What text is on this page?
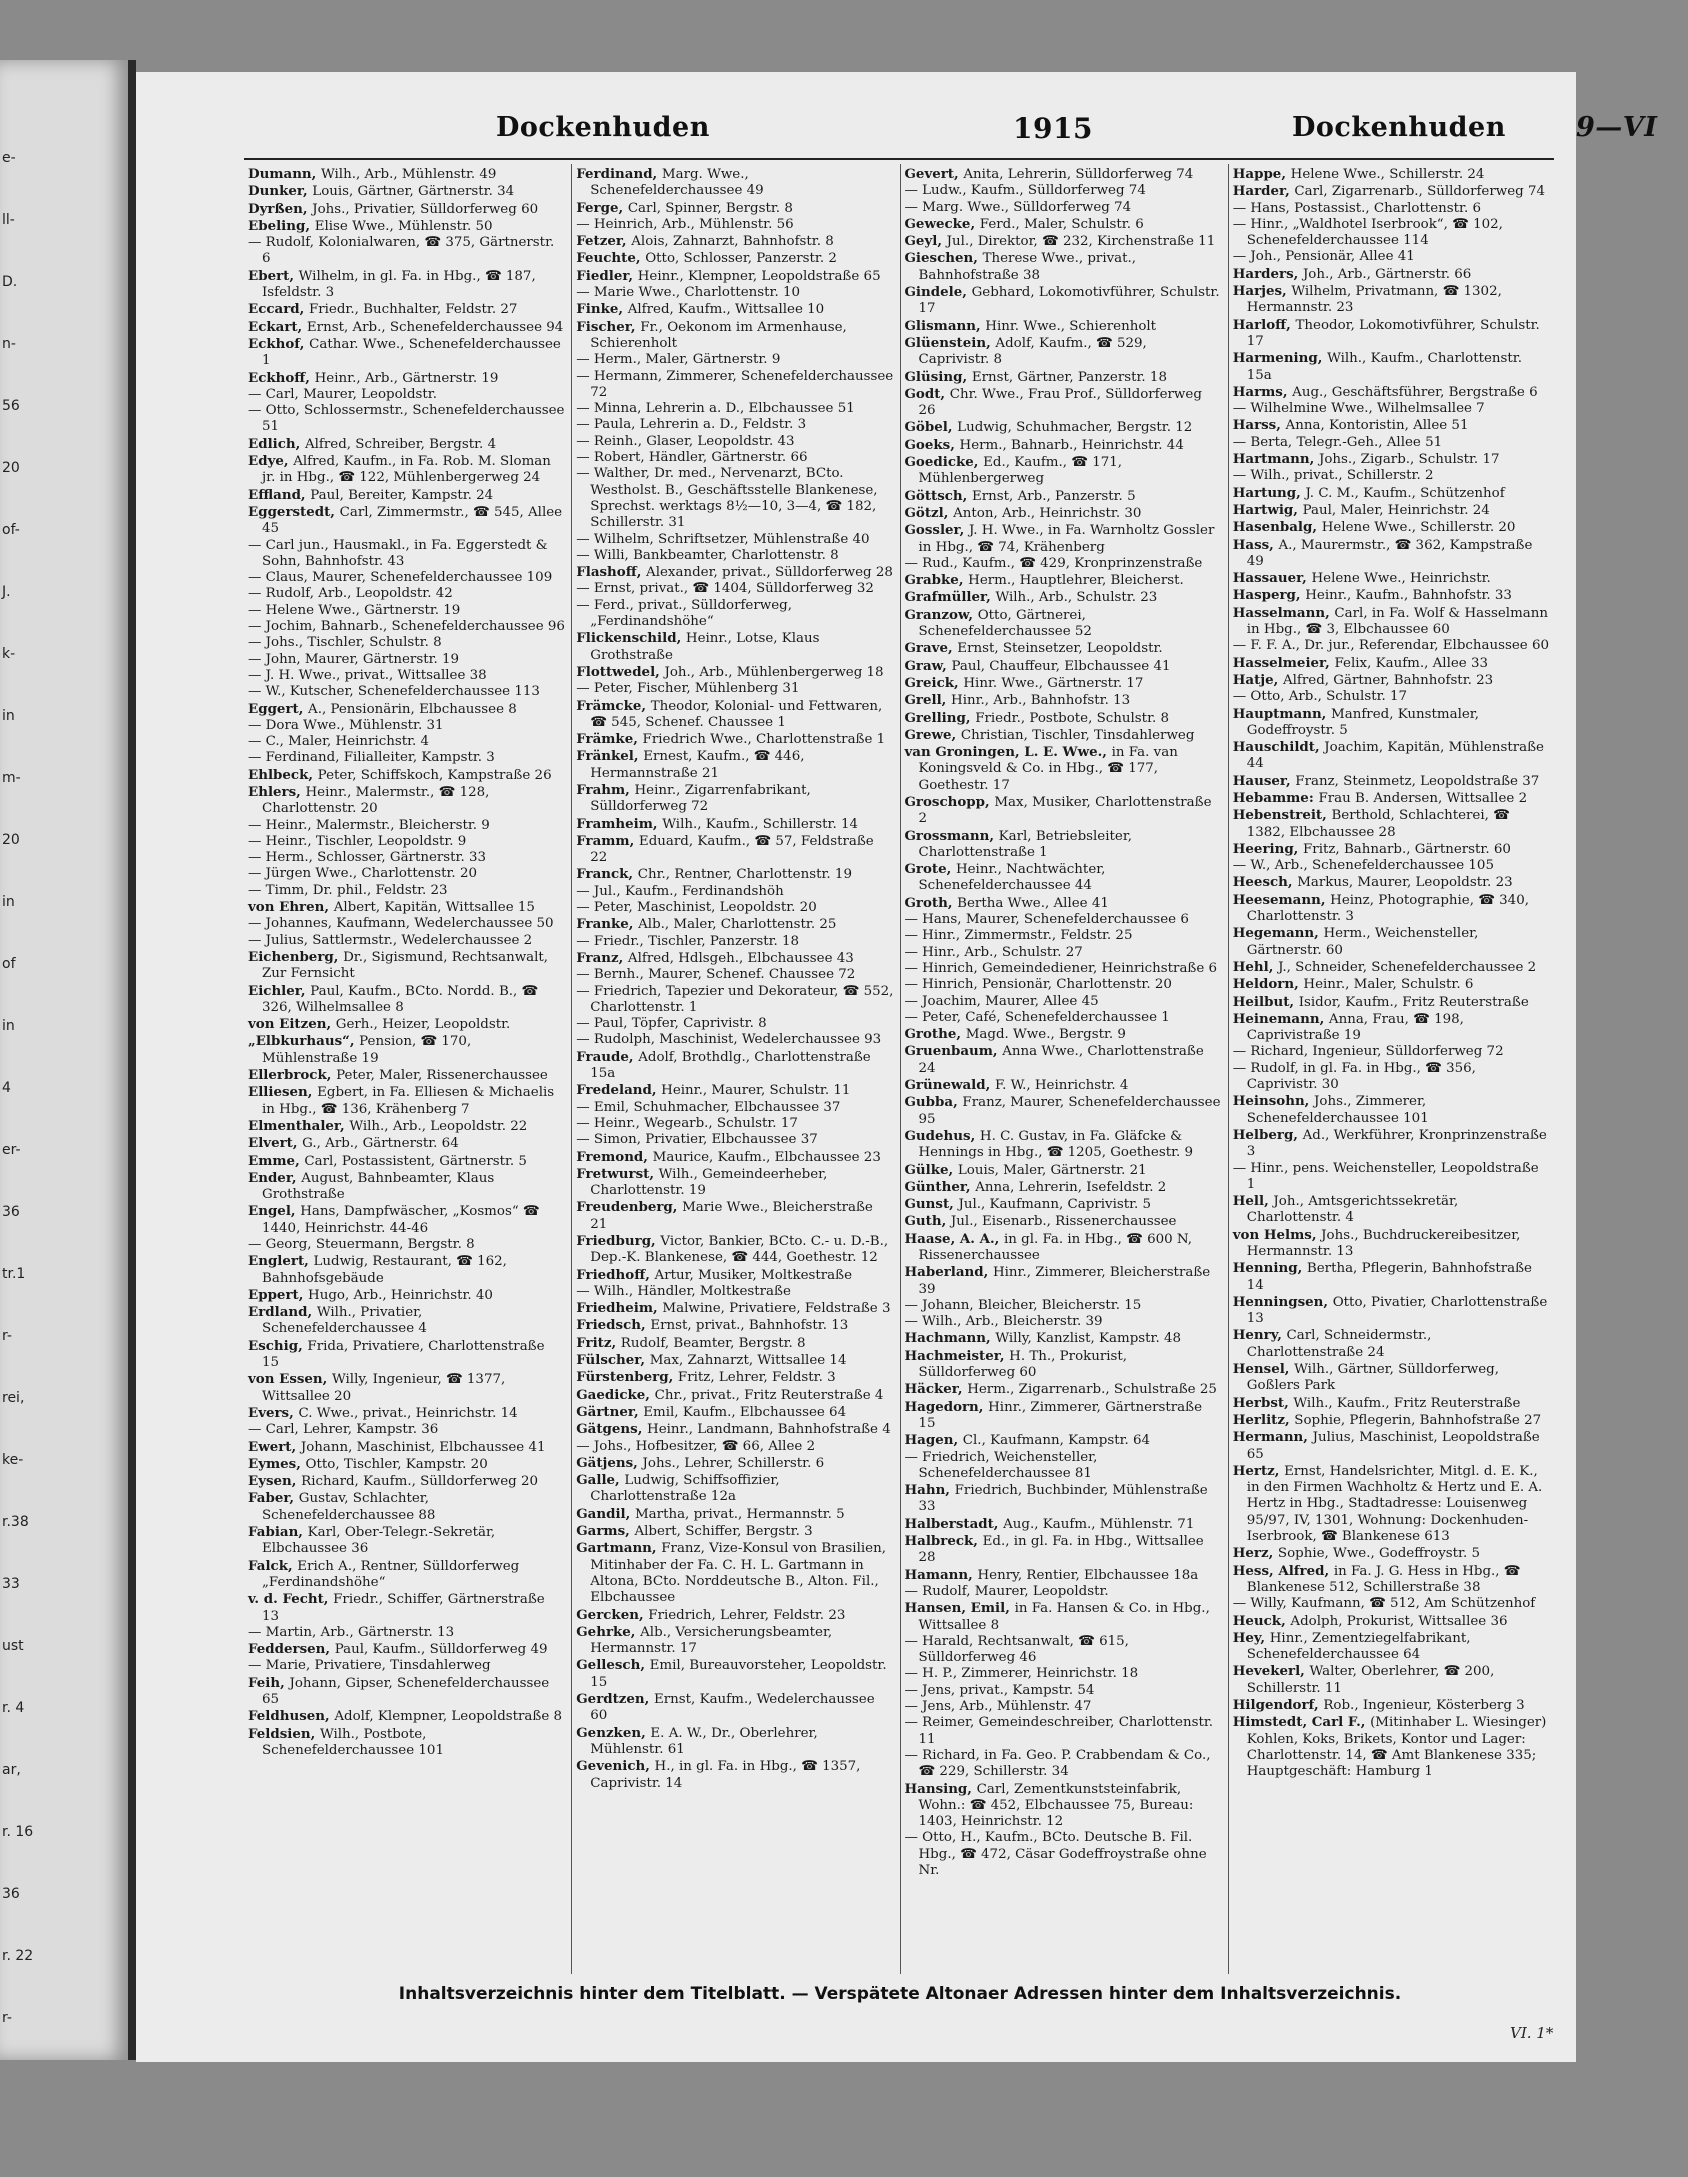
e-
ll-
D.
n-
56
20
of-
J.
k-
in
m-
20
in
of
in
4
er-
36
tr.1
r-
rei,
ke-
r.38
33
ust
r. 4
ar,
r. 16
36
r. 22
r-
Dockenhuden	1915	Dockenhuden	9—VI

Dumann, Wilh., Arb., Mühlenstr. 49

Dunker, Louis, Gärtner, Gärtnerstr. 34

Dyrßen, Johs., Privatier, Sülldorferweg 60

Ebeling, Elise Wwe., Mühlenstr. 50

— Rudolf, Kolonialwaren, ☎ 375, Gärtnerstr. 6

Ebert, Wilhelm, in gl. Fa. in Hbg., ☎ 187, Isfeldstr. 3

Eccard, Friedr., Buchhalter, Feldstr. 27

Eckart, Ernst, Arb., Schenefelderchaussee 94

Eckhof, Cathar. Wwe., Schenefelderchaussee 1

Eckhoff, Heinr., Arb., Gärtnerstr. 19

— Carl, Maurer, Leopoldstr.

— Otto, Schlossermstr., Schenefelderchaussee 51

Edlich, Alfred, Schreiber, Bergstr. 4

Edye, Alfred, Kaufm., in Fa. Rob. M. Sloman jr. in Hbg., ☎ 122, Mühlenbergerweg 24

Effland, Paul, Bereiter, Kampstr. 24

Eggerstedt, Carl, Zimmermstr., ☎ 545, Allee 45

— Carl jun., Hausmakl., in Fa. Eggerstedt & Sohn, Bahnhofstr. 43

— Claus, Maurer, Schenefelderchaussee 109

— Rudolf, Arb., Leopoldstr. 42

— Helene Wwe., Gärtnerstr. 19

— Jochim, Bahnarb., Schenefelderchaussee 96

— Johs., Tischler, Schulstr. 8

— John, Maurer, Gärtnerstr. 19

— J. H. Wwe., privat., Wittsallee 38

— W., Kutscher, Schenefelderchaussee 113

Eggert, A., Pensionärin, Elbchaussee 8

— Dora Wwe., Mühlenstr. 31

— C., Maler, Heinrichstr. 4

— Ferdinand, Filialleiter, Kampstr. 3

Ehlbeck, Peter, Schiffskoch, Kampstraße 26

Ehlers, Heinr., Malermstr., ☎ 128, Charlottenstr. 20

— Heinr., Malermstr., Bleicherstr. 9

— Heinr., Tischler, Leopoldstr. 9

— Herm., Schlosser, Gärtnerstr. 33

— Jürgen Wwe., Charlottenstr. 20

— Timm, Dr. phil., Feldstr. 23

von Ehren, Albert, Kapitän, Wittsallee 15

— Johannes, Kaufmann, Wedelerchaussee 50

— Julius, Sattlermstr., Wedelerchaussee 2

Eichenberg, Dr., Sigismund, Rechtsanwalt, Zur Fernsicht

Eichler, Paul, Kaufm., BCto. Nordd. B., ☎ 326, Wilhelmsallee 8

von Eitzen, Gerh., Heizer, Leopoldstr.

„Elbkurhaus“, Pension, ☎ 170, Mühlenstraße 19

Ellerbrock, Peter, Maler, Rissenerchaussee

Elliesen, Egbert, in Fa. Elliesen & Michaelis in Hbg., ☎ 136, Krähenberg 7

Elmenthaler, Wilh., Arb., Leopoldstr. 22

Elvert, G., Arb., Gärtnerstr. 64

Emme, Carl, Postassistent, Gärtnerstr. 5

Ender, August, Bahnbeamter, Klaus Grothstraße

Engel, Hans, Dampfwäscher, „Kosmos“ ☎ 1440, Heinrichstr. 44-46

— Georg, Steuermann, Bergstr. 8

Englert, Ludwig, Restaurant, ☎ 162, Bahnhofsgebäude

Eppert, Hugo, Arb., Heinrichstr. 40

Erdland, Wilh., Privatier, Schenefelderchaussee 4

Eschig, Frida, Privatiere, Charlottenstraße 15

von Essen, Willy, Ingenieur, ☎ 1377, Wittsallee 20

Evers, C. Wwe., privat., Heinrichstr. 14

— Carl, Lehrer, Kampstr. 36

Ewert, Johann, Maschinist, Elbchaussee 41

Eymes, Otto, Tischler, Kampstr. 20

Eysen, Richard, Kaufm., Sülldorferweg 20

Faber, Gustav, Schlachter, Schenefelderchaussee 88

Fabian, Karl, Ober-Telegr.-Sekretär, Elbchaussee 36

Falck, Erich A., Rentner, Sülldorferweg „Ferdinandshöhe“

v. d. Fecht, Friedr., Schiffer, Gärtnerstraße 13

— Martin, Arb., Gärtnerstr. 13

Feddersen, Paul, Kaufm., Sülldorferweg 49

— Marie, Privatiere, Tinsdahlerweg

Feih, Johann, Gipser, Schenefelderchaussee 65

Feldhusen, Adolf, Klempner, Leopoldstraße 8

Feldsien, Wilh., Postbote, Schenefelderchaussee 101

Ferdinand, Marg. Wwe., Schenefelderchaussee 49

Ferge, Carl, Spinner, Bergstr. 8

— Heinrich, Arb., Mühlenstr. 56

Fetzer, Alois, Zahnarzt, Bahnhofstr. 8

Feuchte, Otto, Schlosser, Panzerstr. 2

Fiedler, Heinr., Klempner, Leopoldstraße 65

— Marie Wwe., Charlottenstr. 10

Finke, Alfred, Kaufm., Wittsallee 10

Fischer, Fr., Oekonom im Armenhause, Schierenholt

— Herm., Maler, Gärtnerstr. 9

— Hermann, Zimmerer, Schenefelderchaussee 72

— Minna, Lehrerin a. D., Elbchaussee 51

— Paula, Lehrerin a. D., Feldstr. 3

— Reinh., Glaser, Leopoldstr. 43

— Robert, Händler, Gärtnerstr. 66

— Walther, Dr. med., Nervenarzt, BCto. Westholst. B., Geschäftsstelle Blankenese, Sprechst. werktags 8½—10, 3—4, ☎ 182, Schillerstr. 31

— Wilhelm, Schriftsetzer, Mühlenstraße 40

— Willi, Bankbeamter, Charlottenstr. 8

Flashoff, Alexander, privat., Sülldorferweg 28

— Ernst, privat., ☎ 1404, Sülldorferweg 32

— Ferd., privat., Sülldorferweg, „Ferdinandshöhe“

Flickenschild, Heinr., Lotse, Klaus Grothstraße

Flottwedel, Joh., Arb., Mühlenbergerweg 18

— Peter, Fischer, Mühlenberg 31

Främcke, Theodor, Kolonial- und Fettwaren, ☎ 545, Schenef. Chaussee 1

Främke, Friedrich Wwe., Charlottenstraße 1

Fränkel, Ernest, Kaufm., ☎ 446, Hermannstraße 21

Frahm, Heinr., Zigarrenfabrikant, Sülldorferweg 72

Framheim, Wilh., Kaufm., Schillerstr. 14

Framm, Eduard, Kaufm., ☎ 57, Feldstraße 22

Franck, Chr., Rentner, Charlottenstr. 19

— Jul., Kaufm., Ferdinandshöh

— Peter, Maschinist, Leopoldstr. 20

Franke, Alb., Maler, Charlottenstr. 25

— Friedr., Tischler, Panzerstr. 18

Franz, Alfred, Hdlsgeh., Elbchaussee 43

— Bernh., Maurer, Schenef. Chaussee 72

— Friedrich, Tapezier und Dekorateur, ☎ 552, Charlottenstr. 1

— Paul, Töpfer, Caprivistr. 8

— Rudolph, Maschinist, Wedelerchaussee 93

Fraude, Adolf, Brothdlg., Charlottenstraße 15a

Fredeland, Heinr., Maurer, Schulstr. 11

— Emil, Schuhmacher, Elbchaussee 37

— Heinr., Wegearb., Schulstr. 17

— Simon, Privatier, Elbchaussee 37

Fremond, Maurice, Kaufm., Elbchaussee 23

Fretwurst, Wilh., Gemeindeerheber, Charlottenstr. 19

Freudenberg, Marie Wwe., Bleicherstraße 21

Friedburg, Victor, Bankier, BCto. C.- u. D.-B., Dep.-K. Blankenese, ☎ 444, Goethestr. 12

Friedhoff, Artur, Musiker, Moltkestraße

— Wilh., Händler, Moltkestraße

Friedheim, Malwine, Privatiere, Feldstraße 3

Friedsch, Ernst, privat., Bahnhofstr. 13

Fritz, Rudolf, Beamter, Bergstr. 8

Fülscher, Max, Zahnarzt, Wittsallee 14

Fürstenberg, Fritz, Lehrer, Feldstr. 3

Gaedicke, Chr., privat., Fritz Reuterstraße 4

Gärtner, Emil, Kaufm., Elbchaussee 64

Gätgens, Heinr., Landmann, Bahnhofstraße 4

— Johs., Hofbesitzer, ☎ 66, Allee 2

Gätjens, Johs., Lehrer, Schillerstr. 6

Galle, Ludwig, Schiffsoffizier, Charlottenstraße 12a

Gandil, Martha, privat., Hermannstr. 5

Garms, Albert, Schiffer, Bergstr. 3

Gartmann, Franz, Vize-Konsul von Brasilien, Mitinhaber der Fa. C. H. L. Gartmann in Altona, BCto. Norddeutsche B., Alton. Fil., Elbchaussee

Gercken, Friedrich, Lehrer, Feldstr. 23

Gehrke, Alb., Versicherungsbeamter, Hermannstr. 17

Gellesch, Emil, Bureauvorsteher, Leopoldstr. 15

Gerdtzen, Ernst, Kaufm., Wedelerchaussee 60

Genzken, E. A. W., Dr., Oberlehrer, Mühlenstr. 61

Gevenich, H., in gl. Fa. in Hbg., ☎ 1357, Caprivistr. 14

Gevert, Anita, Lehrerin, Sülldorferweg 74

— Ludw., Kaufm., Sülldorferweg 74

— Marg. Wwe., Sülldorferweg 74

Gewecke, Ferd., Maler, Schulstr. 6

Geyl, Jul., Direktor, ☎ 232, Kirchenstraße 11

Gieschen, Therese Wwe., privat., Bahnhofstraße 38

Gindele, Gebhard, Lokomotivführer, Schulstr. 17

Glismann, Hinr. Wwe., Schierenholt

Glüenstein, Adolf, Kaufm., ☎ 529, Caprivistr. 8

Glüsing, Ernst, Gärtner, Panzerstr. 18

Godt, Chr. Wwe., Frau Prof., Sülldorferweg 26

Göbel, Ludwig, Schuhmacher, Bergstr. 12

Goeks, Herm., Bahnarb., Heinrichstr. 44

Goedicke, Ed., Kaufm., ☎ 171, Mühlenbergerweg

Göttsch, Ernst, Arb., Panzerstr. 5

Götzl, Anton, Arb., Heinrichstr. 30

Gossler, J. H. Wwe., in Fa. Warnholtz Gossler in Hbg., ☎ 74, Krähenberg

— Rud., Kaufm., ☎ 429, Kronprinzenstraße

Grabke, Herm., Hauptlehrer, Bleicherst.

Grafmüller, Wilh., Arb., Schulstr. 23

Granzow, Otto, Gärtnerei, Schenefelderchaussee 52

Grave, Ernst, Steinsetzer, Leopoldstr.

Graw, Paul, Chauffeur, Elbchaussee 41

Greick, Hinr. Wwe., Gärtnerstr. 17

Grell, Hinr., Arb., Bahnhofstr. 13

Grelling, Friedr., Postbote, Schulstr. 8

Grewe, Christian, Tischler, Tinsdahlerweg

van Groningen, L. E. Wwe., in Fa. van Koningsveld & Co. in Hbg., ☎ 177, Goethestr. 17

Groschopp, Max, Musiker, Charlottenstraße 2

Grossmann, Karl, Betriebsleiter, Charlottenstraße 1

Grote, Heinr., Nachtwächter, Schenefelderchaussee 44

Groth, Bertha Wwe., Allee 41

— Hans, Maurer, Schenefelderchaussee 6

— Hinr., Zimmermstr., Feldstr. 25

— Hinr., Arb., Schulstr. 27

— Hinrich, Gemeindediener, Heinrichstraße 6

— Hinrich, Pensionär, Charlottenstr. 20

— Joachim, Maurer, Allee 45

— Peter, Café, Schenefelderchaussee 1

Grothe, Magd. Wwe., Bergstr. 9

Gruenbaum, Anna Wwe., Charlottenstraße 24

Grünewald, F. W., Heinrichstr. 4

Gubba, Franz, Maurer, Schenefelderchaussee 95

Gudehus, H. C. Gustav, in Fa. Gläfcke & Hennings in Hbg., ☎ 1205, Goethestr. 9

Gülke, Louis, Maler, Gärtnerstr. 21

Günther, Anna, Lehrerin, Isefeldstr. 2

Gunst, Jul., Kaufmann, Caprivistr. 5

Guth, Jul., Eisenarb., Rissenerchaussee

Haase, A. A., in gl. Fa. in Hbg., ☎ 600 N, Rissenerchaussee

Haberland, Hinr., Zimmerer, Bleicherstraße 39

— Johann, Bleicher, Bleicherstr. 15

— Wilh., Arb., Bleicherstr. 39

Hachmann, Willy, Kanzlist, Kampstr. 48

Hachmeister, H. Th., Prokurist, Sülldorferweg 60

Häcker, Herm., Zigarrenarb., Schulstraße 25

Hagedorn, Hinr., Zimmerer, Gärtnerstraße 15

Hagen, Cl., Kaufmann, Kampstr. 64

— Friedrich, Weichensteller, Schenefelderchaussee 81

Hahn, Friedrich, Buchbinder, Mühlenstraße 33

Halberstadt, Aug., Kaufm., Mühlenstr. 71

Halbreck, Ed., in gl. Fa. in Hbg., Wittsallee 28

Hamann, Henry, Rentier, Elbchaussee 18a

— Rudolf, Maurer, Leopoldstr.

Hansen, Emil, in Fa. Hansen & Co. in Hbg., Wittsallee 8

— Harald, Rechtsanwalt, ☎ 615, Sülldorferweg 46

— H. P., Zimmerer, Heinrichstr. 18

— Jens, privat., Kampstr. 54

— Jens, Arb., Mühlenstr. 47

— Reimer, Gemeindeschreiber, Charlottenstr. 11

— Richard, in Fa. Geo. P. Crabbendam & Co., ☎ 229, Schillerstr. 34

Hansing, Carl, Zementkunststeinfabrik, Wohn.: ☎ 452, Elbchaussee 75, Bureau: 1403, Heinrichstr. 12

— Otto, H., Kaufm., BCto. Deutsche B. Fil. Hbg., ☎ 472, Cäsar Godeffroystraße ohne Nr.

Happe, Helene Wwe., Schillerstr. 24

Harder, Carl, Zigarrenarb., Sülldorferweg 74

— Hans, Postassist., Charlottenstr. 6

— Hinr., „Waldhotel Iserbrook“, ☎ 102, Schenefelderchaussee 114

— Joh., Pensionär, Allee 41

Harders, Joh., Arb., Gärtnerstr. 66

Harjes, Wilhelm, Privatmann, ☎ 1302, Hermannstr. 23

Harloff, Theodor, Lokomotivführer, Schulstr. 17

Harmening, Wilh., Kaufm., Charlottenstr. 15a

Harms, Aug., Geschäftsführer, Bergstraße 6

— Wilhelmine Wwe., Wilhelmsallee 7

Harss, Anna, Kontoristin, Allee 51

— Berta, Telegr.-Geh., Allee 51

Hartmann, Johs., Zigarb., Schulstr. 17

— Wilh., privat., Schillerstr. 2

Hartung, J. C. M., Kaufm., Schützenhof

Hartwig, Paul, Maler, Heinrichstr. 24

Hasenbalg, Helene Wwe., Schillerstr. 20

Hass, A., Maurermstr., ☎ 362, Kampstraße 49

Hassauer, Helene Wwe., Heinrichstr.

Hasperg, Heinr., Kaufm., Bahnhofstr. 33

Hasselmann, Carl, in Fa. Wolf & Hasselmann in Hbg., ☎ 3, Elbchaussee 60

— F. F. A., Dr. jur., Referendar, Elbchaussee 60

Hasselmeier, Felix, Kaufm., Allee 33

Hatje, Alfred, Gärtner, Bahnhofstr. 23

— Otto, Arb., Schulstr. 17

Hauptmann, Manfred, Kunstmaler, Godeffroystr. 5

Hauschildt, Joachim, Kapitän, Mühlenstraße 44

Hauser, Franz, Steinmetz, Leopoldstraße 37

Hebamme: Frau B. Andersen, Wittsallee 2

Hebenstreit, Berthold, Schlachterei, ☎ 1382, Elbchaussee 28

Heering, Fritz, Bahnarb., Gärtnerstr. 60

— W., Arb., Schenefelderchaussee 105

Heesch, Markus, Maurer, Leopoldstr. 23

Heesemann, Heinz, Photographie, ☎ 340, Charlottenstr. 3

Hegemann, Herm., Weichensteller, Gärtnerstr. 60

Hehl, J., Schneider, Schenefelderchaussee 2

Heldorn, Heinr., Maler, Schulstr. 6

Heilbut, Isidor, Kaufm., Fritz Reuterstraße

Heinemann, Anna, Frau, ☎ 198, Caprivistraße 19

— Richard, Ingenieur, Sülldorferweg 72

— Rudolf, in gl. Fa. in Hbg., ☎ 356, Caprivistr. 30

Heinsohn, Johs., Zimmerer, Schenefelderchaussee 101

Helberg, Ad., Werkführer, Kronprinzenstraße 3

— Hinr., pens. Weichensteller, Leopoldstraße 1

Hell, Joh., Amtsgerichtssekretär, Charlottenstr. 4

von Helms, Johs., Buchdruckereibesitzer, Hermannstr. 13

Henning, Bertha, Pflegerin, Bahnhofstraße 14

Henningsen, Otto, Pivatier, Charlottenstraße 13

Henry, Carl, Schneidermstr., Charlottenstraße 24

Hensel, Wilh., Gärtner, Sülldorferweg, Goßlers Park

Herbst, Wilh., Kaufm., Fritz Reuterstraße

Herlitz, Sophie, Pflegerin, Bahnhofstraße 27

Hermann, Julius, Maschinist, Leopoldstraße 65

Hertz, Ernst, Handelsrichter, Mitgl. d. E. K., in den Firmen Wachholtz & Hertz und E. A. Hertz in Hbg., Stadtadresse: Louisenweg 95/97, IV, 1301, Wohnung: Dockenhuden-Iserbrook, ☎ Blankenese 613

Herz, Sophie, Wwe., Godeffroystr. 5

Hess, Alfred, in Fa. J. G. Hess in Hbg., ☎ Blankenese 512, Schillerstraße 38

— Willy, Kaufmann, ☎ 512, Am Schützenhof

Heuck, Adolph, Prokurist, Wittsallee 36

Hey, Hinr., Zementziegelfabrikant, Schenefelderchaussee 64

Hevekerl, Walter, Oberlehrer, ☎ 200, Schillerstr. 11

Hilgendorf, Rob., Ingenieur, Kösterberg 3

Himstedt, Carl F., (Mitinhaber L. Wiesinger) Kohlen, Koks, Brikets, Kontor und Lager: Charlottenstr. 14, ☎ Amt Blankenese 335; Hauptgeschäft: Hamburg 1

Inhaltsverzeichnis hinter dem Titelblatt. — Verspätete Altonaer Adressen hinter dem Inhaltsverzeichnis.
VI. 1*
